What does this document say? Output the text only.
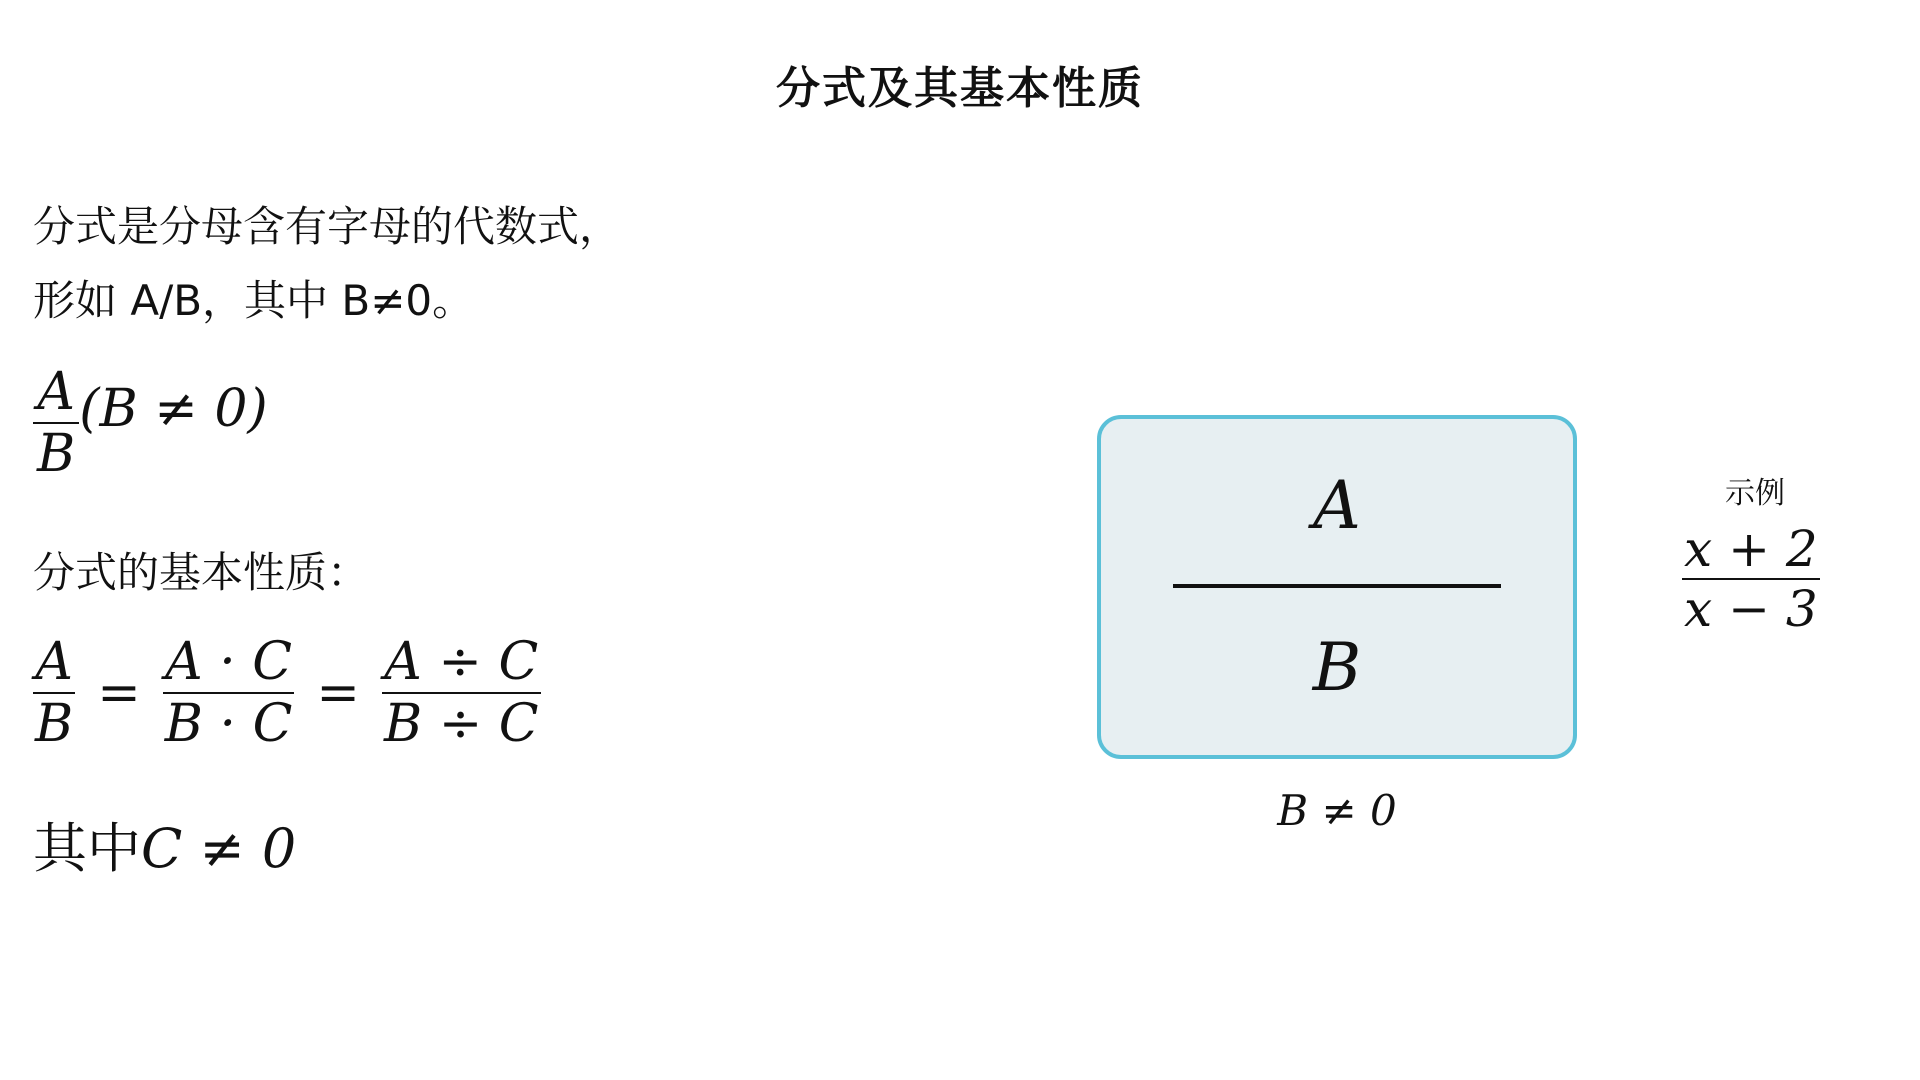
分式及其基本性质
分式是分母含有字母的代数式，
形如 A/B，其中 B≠0。
$\frac{A}{B} (B \ne 0)$
分式的基本性质：
$\frac{A}{B} = \frac{A \cdot C}{B \cdot C} = \frac{A \div C}{B \div C}$
其中C ≠ 0
A
B
B ≠ 0
示例
$\frac{x + 2}{x - 3}$
